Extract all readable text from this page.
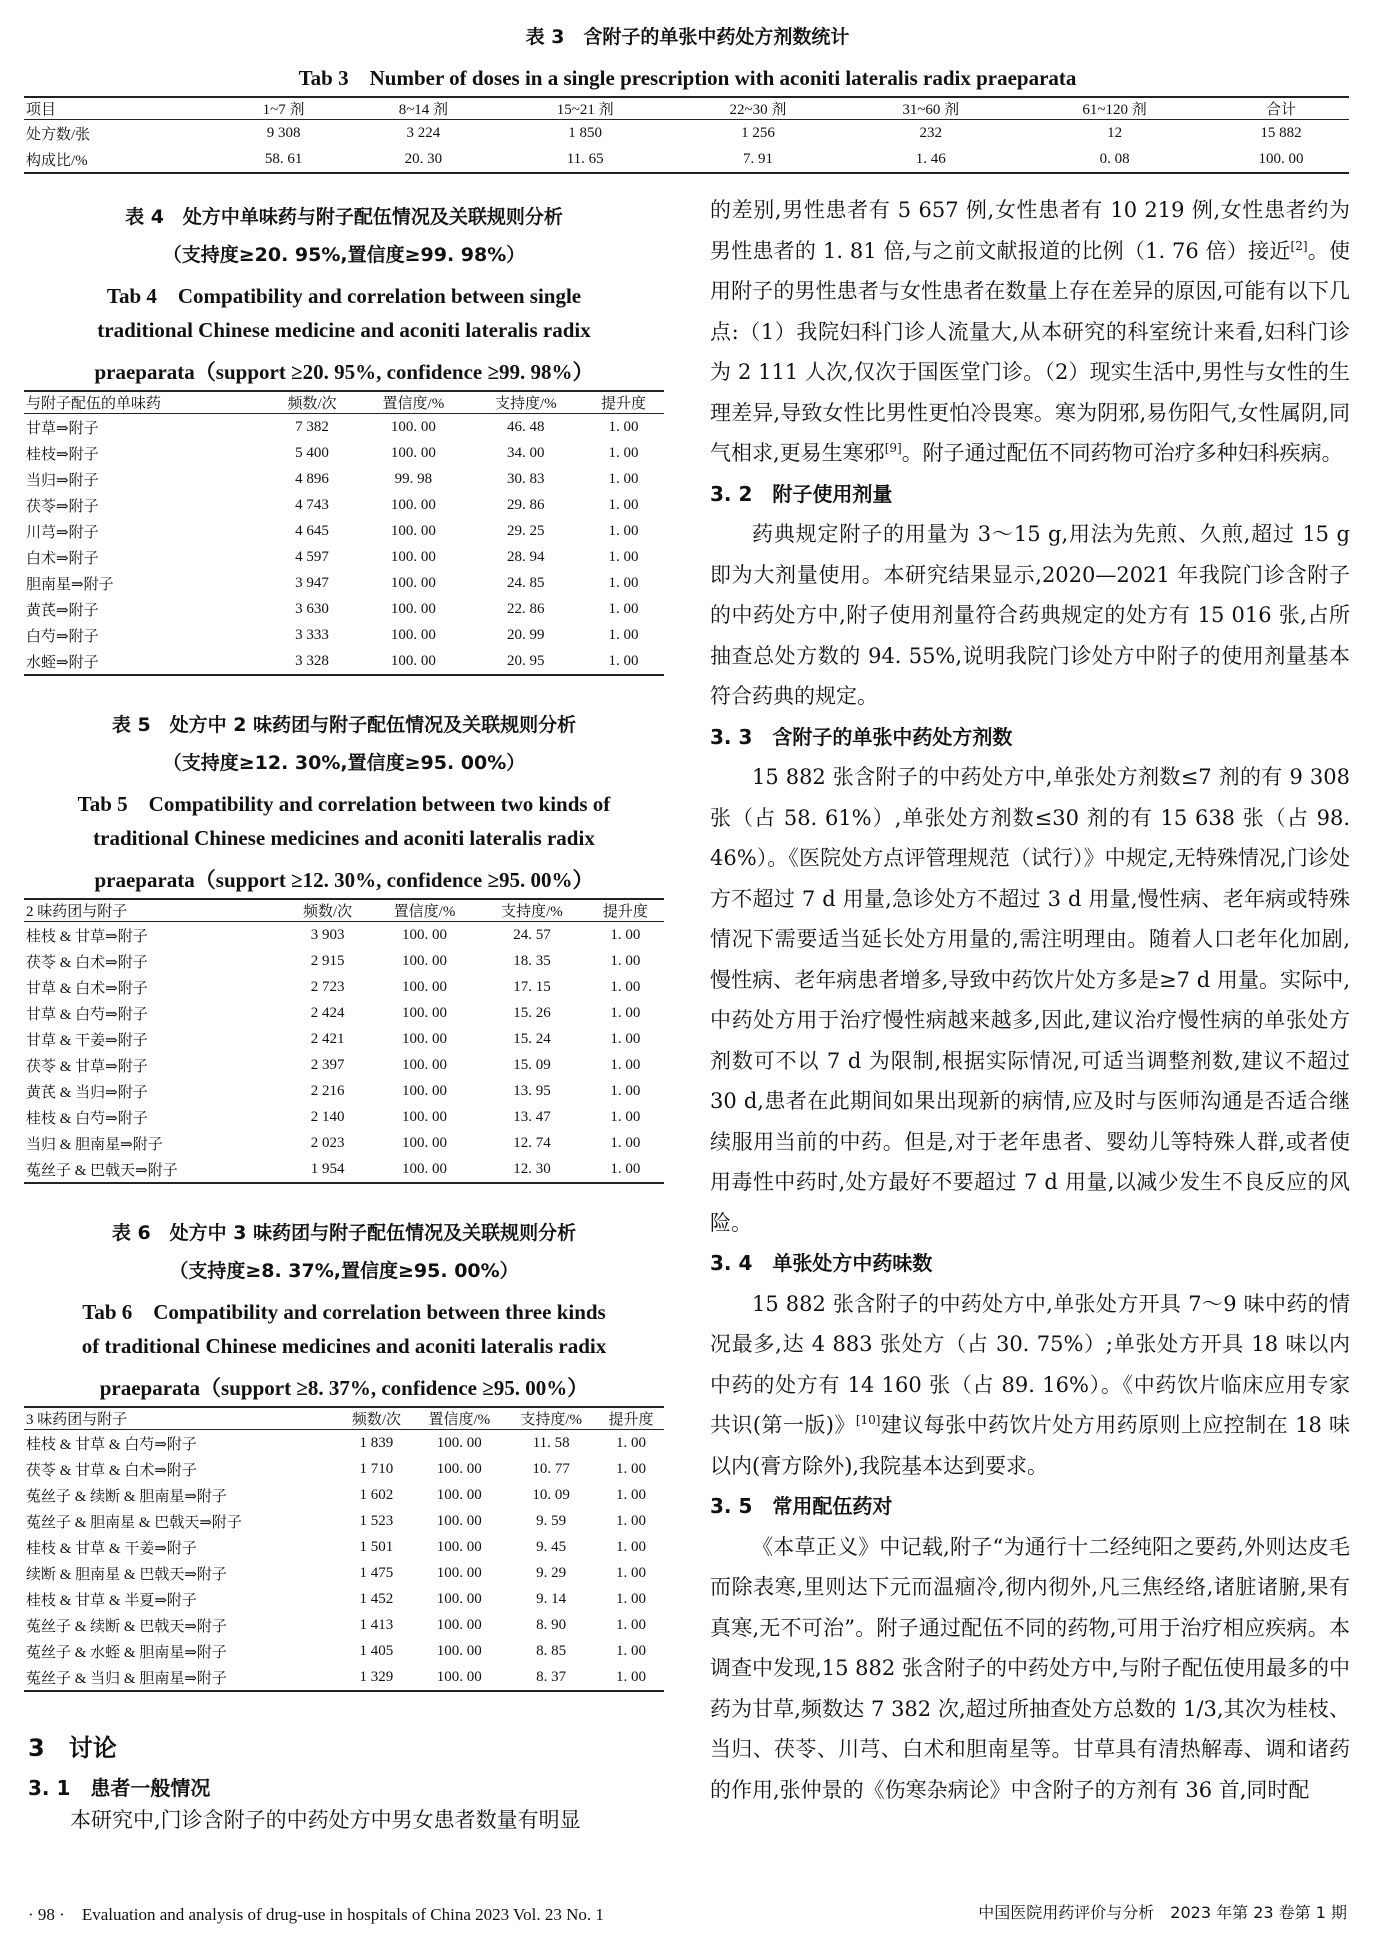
表 3　含附子的单张中药处方剂数统计
Tab 3　Number of doses in a single prescription with aconiti lateralis radix praeparata
项目	1~7 剂	8~14 剂	15~21 剂	22~30 剂	31~60 剂	61~120 剂	合计
处方数/张	9 308	3 224	1 850	1 256	232	12	15 882
构成比/%	58. 61	20. 30	11. 65	7. 91	1. 46	0. 08	100. 00
表 4　处方中单味药与附子配伍情况及关联规则分析
（支持度≥20. 95%,置信度≥99. 98%）
Tab 4　Compatibility and correlation between single
traditional Chinese medicine and aconiti lateralis radix
praeparata（support ≥20. 95%, confidence ≥99. 98%）
与附子配伍的单味药	频数/次	置信度/%	支持度/%	提升度
甘草⇒附子	7 382	100. 00	46. 48	1. 00
桂枝⇒附子	5 400	100. 00	34. 00	1. 00
当归⇒附子	4 896	99. 98	30. 83	1. 00
茯苓⇒附子	4 743	100. 00	29. 86	1. 00
川芎⇒附子	4 645	100. 00	29. 25	1. 00
白术⇒附子	4 597	100. 00	28. 94	1. 00
胆南星⇒附子	3 947	100. 00	24. 85	1. 00
黄芪⇒附子	3 630	100. 00	22. 86	1. 00
白芍⇒附子	3 333	100. 00	20. 99	1. 00
水蛭⇒附子	3 328	100. 00	20. 95	1. 00
表 5　处方中 2 味药团与附子配伍情况及关联规则分析
（支持度≥12. 30%,置信度≥95. 00%）
Tab 5　Compatibility and correlation between two kinds of
traditional Chinese medicines and aconiti lateralis radix
praeparata（support ≥12. 30%, confidence ≥95. 00%）
2 味药团与附子	频数/次	置信度/%	支持度/%	提升度
桂枝 & 甘草⇒附子	3 903	100. 00	24. 57	1. 00
茯苓 & 白术⇒附子	2 915	100. 00	18. 35	1. 00
甘草 & 白术⇒附子	2 723	100. 00	17. 15	1. 00
甘草 & 白芍⇒附子	2 424	100. 00	15. 26	1. 00
甘草 & 干姜⇒附子	2 421	100. 00	15. 24	1. 00
茯苓 & 甘草⇒附子	2 397	100. 00	15. 09	1. 00
黄芪 & 当归⇒附子	2 216	100. 00	13. 95	1. 00
桂枝 & 白芍⇒附子	2 140	100. 00	13. 47	1. 00
当归 & 胆南星⇒附子	2 023	100. 00	12. 74	1. 00
菟丝子 & 巴戟天⇒附子	1 954	100. 00	12. 30	1. 00
表 6　处方中 3 味药团与附子配伍情况及关联规则分析
（支持度≥8. 37%,置信度≥95. 00%）
Tab 6　Compatibility and correlation between three kinds
of traditional Chinese medicines and aconiti lateralis radix
praeparata（support ≥8. 37%, confidence ≥95. 00%）
3 味药团与附子	频数/次	置信度/%	支持度/%	提升度
桂枝 & 甘草 & 白芍⇒附子	1 839	100. 00	11. 58	1. 00
茯苓 & 甘草 & 白术⇒附子	1 710	100. 00	10. 77	1. 00
菟丝子 & 续断 & 胆南星⇒附子	1 602	100. 00	10. 09	1. 00
菟丝子 & 胆南星 & 巴戟天⇒附子	1 523	100. 00	9. 59	1. 00
桂枝 & 甘草 & 干姜⇒附子	1 501	100. 00	9. 45	1. 00
续断 & 胆南星 & 巴戟天⇒附子	1 475	100. 00	9. 29	1. 00
桂枝 & 甘草 & 半夏⇒附子	1 452	100. 00	9. 14	1. 00
菟丝子 & 续断 & 巴戟天⇒附子	1 413	100. 00	8. 90	1. 00
菟丝子 & 水蛭 & 胆南星⇒附子	1 405	100. 00	8. 85	1. 00
菟丝子 & 当归 & 胆南星⇒附子	1 329	100. 00	8. 37	1. 00
3　讨论
3. 1　患者一般情况
本研究中,门诊含附子的中药处方中男女患者数量有明显

的差别,男性患者有 5 657 例,女性患者有 10 219 例,女性患者约为男性患者的 1. 81 倍,与之前文献报道的比例（1. 76 倍）接近[2]。使用附子的男性患者与女性患者在数量上存在差异的原因,可能有以下几点:（1）我院妇科门诊人流量大,从本研究的科室统计来看,妇科门诊为 2 111 人次,仅次于国医堂门诊。（2）现实生活中,男性与女性的生理差异,导致女性比男性更怕冷畏寒。寒为阴邪,易伤阳气,女性属阴,同气相求,更易生寒邪[9]。附子通过配伍不同药物可治疗多种妇科疾病。

3. 2　附子使用剂量

药典规定附子的用量为 3～15 g,用法为先煎、久煎,超过 15 g 即为大剂量使用。本研究结果显示,2020—2021 年我院门诊含附子的中药处方中,附子使用剂量符合药典规定的处方有 15 016 张,占所抽查总处方数的 94. 55%,说明我院门诊处方中附子的使用剂量基本符合药典的规定。

3. 3　含附子的单张中药处方剂数

15 882 张含附子的中药处方中,单张处方剂数≤7 剂的有 9 308 张（占 58. 61%）,单张处方剂数≤30 剂的有 15 638 张（占 98. 46%）。《医院处方点评管理规范（试行）》中规定,无特殊情况,门诊处方不超过 7 d 用量,急诊处方不超过 3 d 用量,慢性病、老年病或特殊情况下需要适当延长处方用量的,需注明理由。随着人口老年化加剧,慢性病、老年病患者增多,导致中药饮片处方多是≥7 d 用量。实际中,中药处方用于治疗慢性病越来越多,因此,建议治疗慢性病的单张处方剂数可不以 7 d 为限制,根据实际情况,可适当调整剂数,建议不超过 30 d,患者在此期间如果出现新的病情,应及时与医师沟通是否适合继续服用当前的中药。但是,对于老年患者、婴幼儿等特殊人群,或者使用毒性中药时,处方最好不要超过 7 d 用量,以减少发生不良反应的风险。

3. 4　单张处方中药味数

15 882 张含附子的中药处方中,单张处方开具 7～9 味中药的情况最多,达 4 883 张处方（占 30. 75%）;单张处方开具 18 味以内中药的处方有 14 160 张（占 89. 16%）。《中药饮片临床应用专家共识(第一版)》[10]建议每张中药饮片处方用药原则上应控制在 18 味以内(膏方除外),我院基本达到要求。

3. 5　常用配伍药对

《本草正义》中记载,附子“为通行十二经纯阳之要药,外则达皮毛而除表寒,里则达下元而温痼冷,彻内彻外,凡三焦经络,诸脏诸腑,果有真寒,无不可治”。附子通过配伍不同的药物,可用于治疗相应疾病。本调查中发现,15 882 张含附子的中药处方中,与附子配伍使用最多的中药为甘草,频数达 7 382 次,超过所抽查处方总数的 1/3,其次为桂枝、当归、茯苓、川芎、白术和胆南星等。甘草具有清热解毒、调和诸药的作用,张仲景的《伤寒杂病论》中含附子的方剂有 36 首,同时配

· 98 ·　Evaluation and analysis of drug-use in hospitals of China 2023 Vol. 23 No. 1	中国医院用药评价与分析　2023 年第 23 卷第 1 期
